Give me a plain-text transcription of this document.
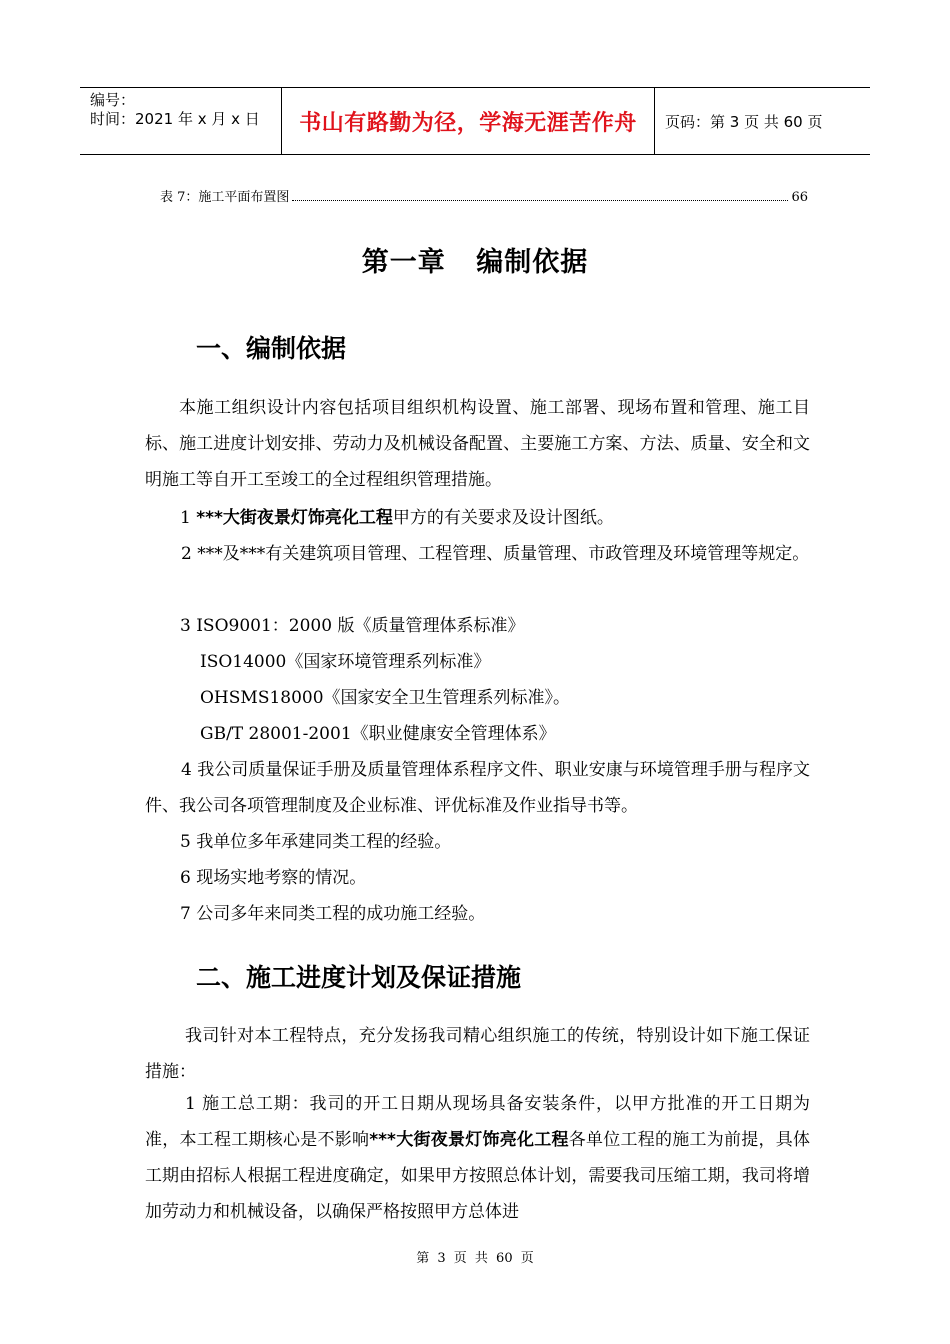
编号：
时间：2021 年 x 月 x 日	书山有路勤为径，学海无涯苦作舟 页码：第 3 页 共 60 页
表 7：施工平面布置图	66
第一章 编制依据
一、编制依据
本施工组织设计内容包括项目组织机构设置、施工部署、现场布置和管理、施工目标、施工进度计划安排、劳动力及机械设备配置、主要施工方案、方法、质量、安全和文明施工等自开工至竣工的全过程组织管理措施。
1 ***大街夜景灯饰亮化工程甲方的有关要求及设计图纸。
2 ***及***有关建筑项目管理、工程管理、质量管理、市政管理及环境管理等规定。
3 ISO9001：2000 版《质量管理体系标准》
ISO14000《国家环境管理系列标准》
OHSMS18000《国家安全卫生管理系列标准》。
GB/T 28001-2001《职业健康安全管理体系》
4 我公司质量保证手册及质量管理体系程序文件、职业安康与环境管理手册与程序文件、我公司各项管理制度及企业标准、评优标准及作业指导书等。
5 我单位多年承建同类工程的经验。
6 现场实地考察的情况。
7 公司多年来同类工程的成功施工经验。
二、施工进度计划及保证措施
我司针对本工程特点，充分发扬我司精心组织施工的传统，特别设计如下施工保证措施：
1 施工总工期：我司的开工日期从现场具备安装条件，以甲方批准的开工日期为准，本工程工期核心是不影响***大街夜景灯饰亮化工程各单位工程的施工为前提，具体工期由招标人根据工程进度确定，如果甲方按照总体计划，需要我司压缩工期，我司将增加劳动力和机械设备，以确保严格按照甲方总体进
第 3 页 共 60 页
